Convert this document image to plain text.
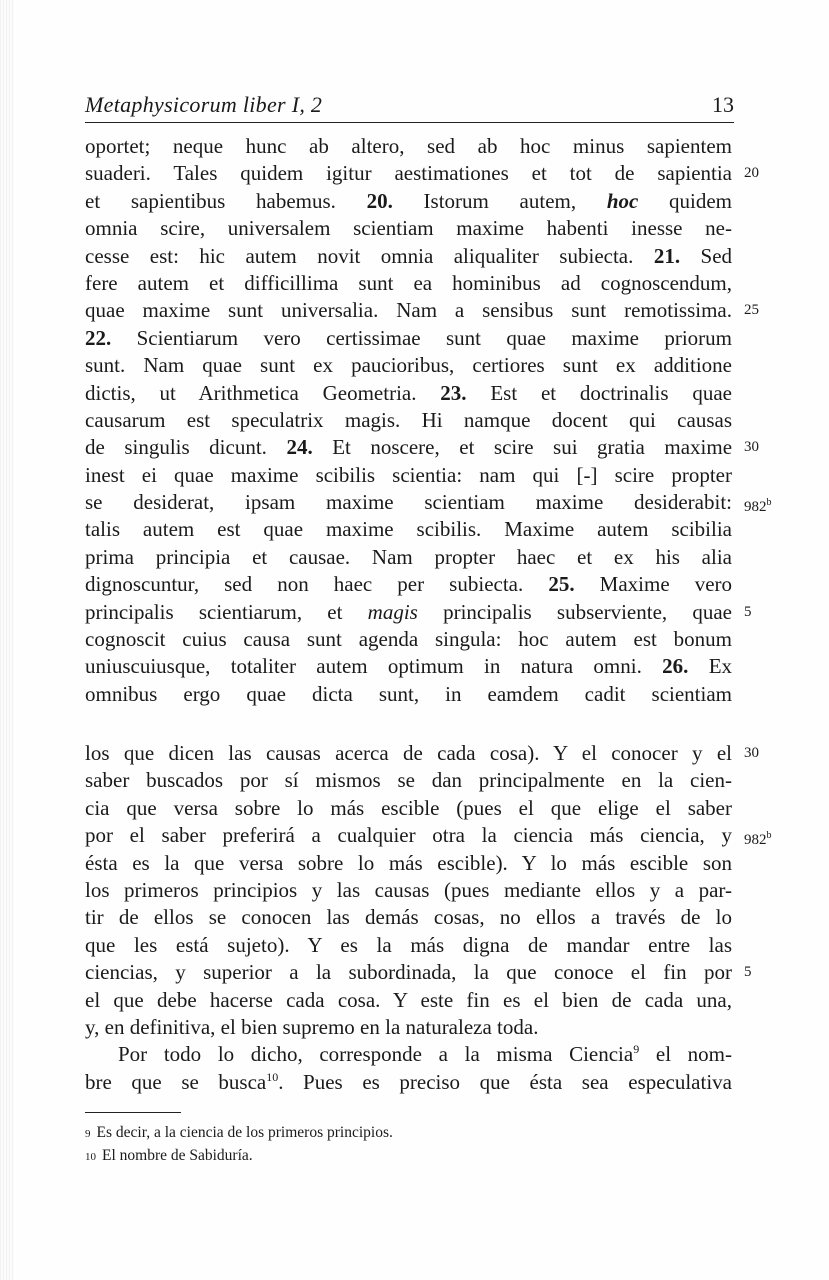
Metaphysicorum liber I, 2	13
oportet; neque hunc ab altero, sed ab hoc minus sapientem
suaderi. Tales quidem igitur aestimationes et tot de sapientia 20
et sapientibus habemus. 20. Istorum autem, hoc quidem
omnia scire, universalem scientiam maxime habenti inesse ne-
cesse est: hic autem novit omnia aliqualiter subiecta. 21. Sed
fere autem et difficillima sunt ea hominibus ad cognoscendum,
quae maxime sunt universalia. Nam a sensibus sunt remotissima. 25
22. Scientiarum vero certissimae sunt quae maxime priorum
sunt. Nam quae sunt ex paucioribus, certiores sunt ex additione
dictis, ut Arithmetica Geometria. 23. Est et doctrinalis quae
causarum est speculatrix magis. Hi namque docent qui causas
de singulis dicunt. 24. Et noscere, et scire sui gratia maxime 30
inest ei quae maxime scibilis scientia: nam qui [-] scire propter
se desiderat, ipsam maxime scientiam maxime desiderabit: 982$^b$
talis autem est quae maxime scibilis. Maxime autem scibilia
prima principia et causae. Nam propter haec et ex his alia
dignoscuntur, sed non haec per subiecta. 25. Maxime vero
principalis scientiarum, et magis principalis subserviente, quae 5
cognoscit cuius causa sunt agenda singula: hoc autem est bonum
uniuscuiusque, totaliter autem optimum in natura omni. 26. Ex
omnibus ergo quae dicta sunt, in eamdem cadit scientiam
los que dicen las causas acerca de cada cosa). Y el conocer y el 30
saber buscados por sí mismos se dan principalmente en la cien-
cia que versa sobre lo más escible (pues el que elige el saber
por el saber preferirá a cualquier otra la ciencia más ciencia, y 982$^b$
ésta es la que versa sobre lo más escible). Y lo más escible son
los primeros principios y las causas (pues mediante ellos y a par-
tir de ellos se conocen las demás cosas, no ellos a través de lo
que les está sujeto). Y es la más digna de mandar entre las
ciencias, y superior a la subordinada, la que conoce el fin por 5
el que debe hacerse cada cosa. Y este fin es el bien de cada una,
y, en definitiva, el bien supremo en la naturaleza toda.
Por todo lo dicho, corresponde a la misma Ciencia$^9$ el nom-
bre que se busca$^{10}$. Pues es preciso que ésta sea especulativa
9 Es decir, a la ciencia de los primeros principios.
10 El nombre de Sabiduría.
